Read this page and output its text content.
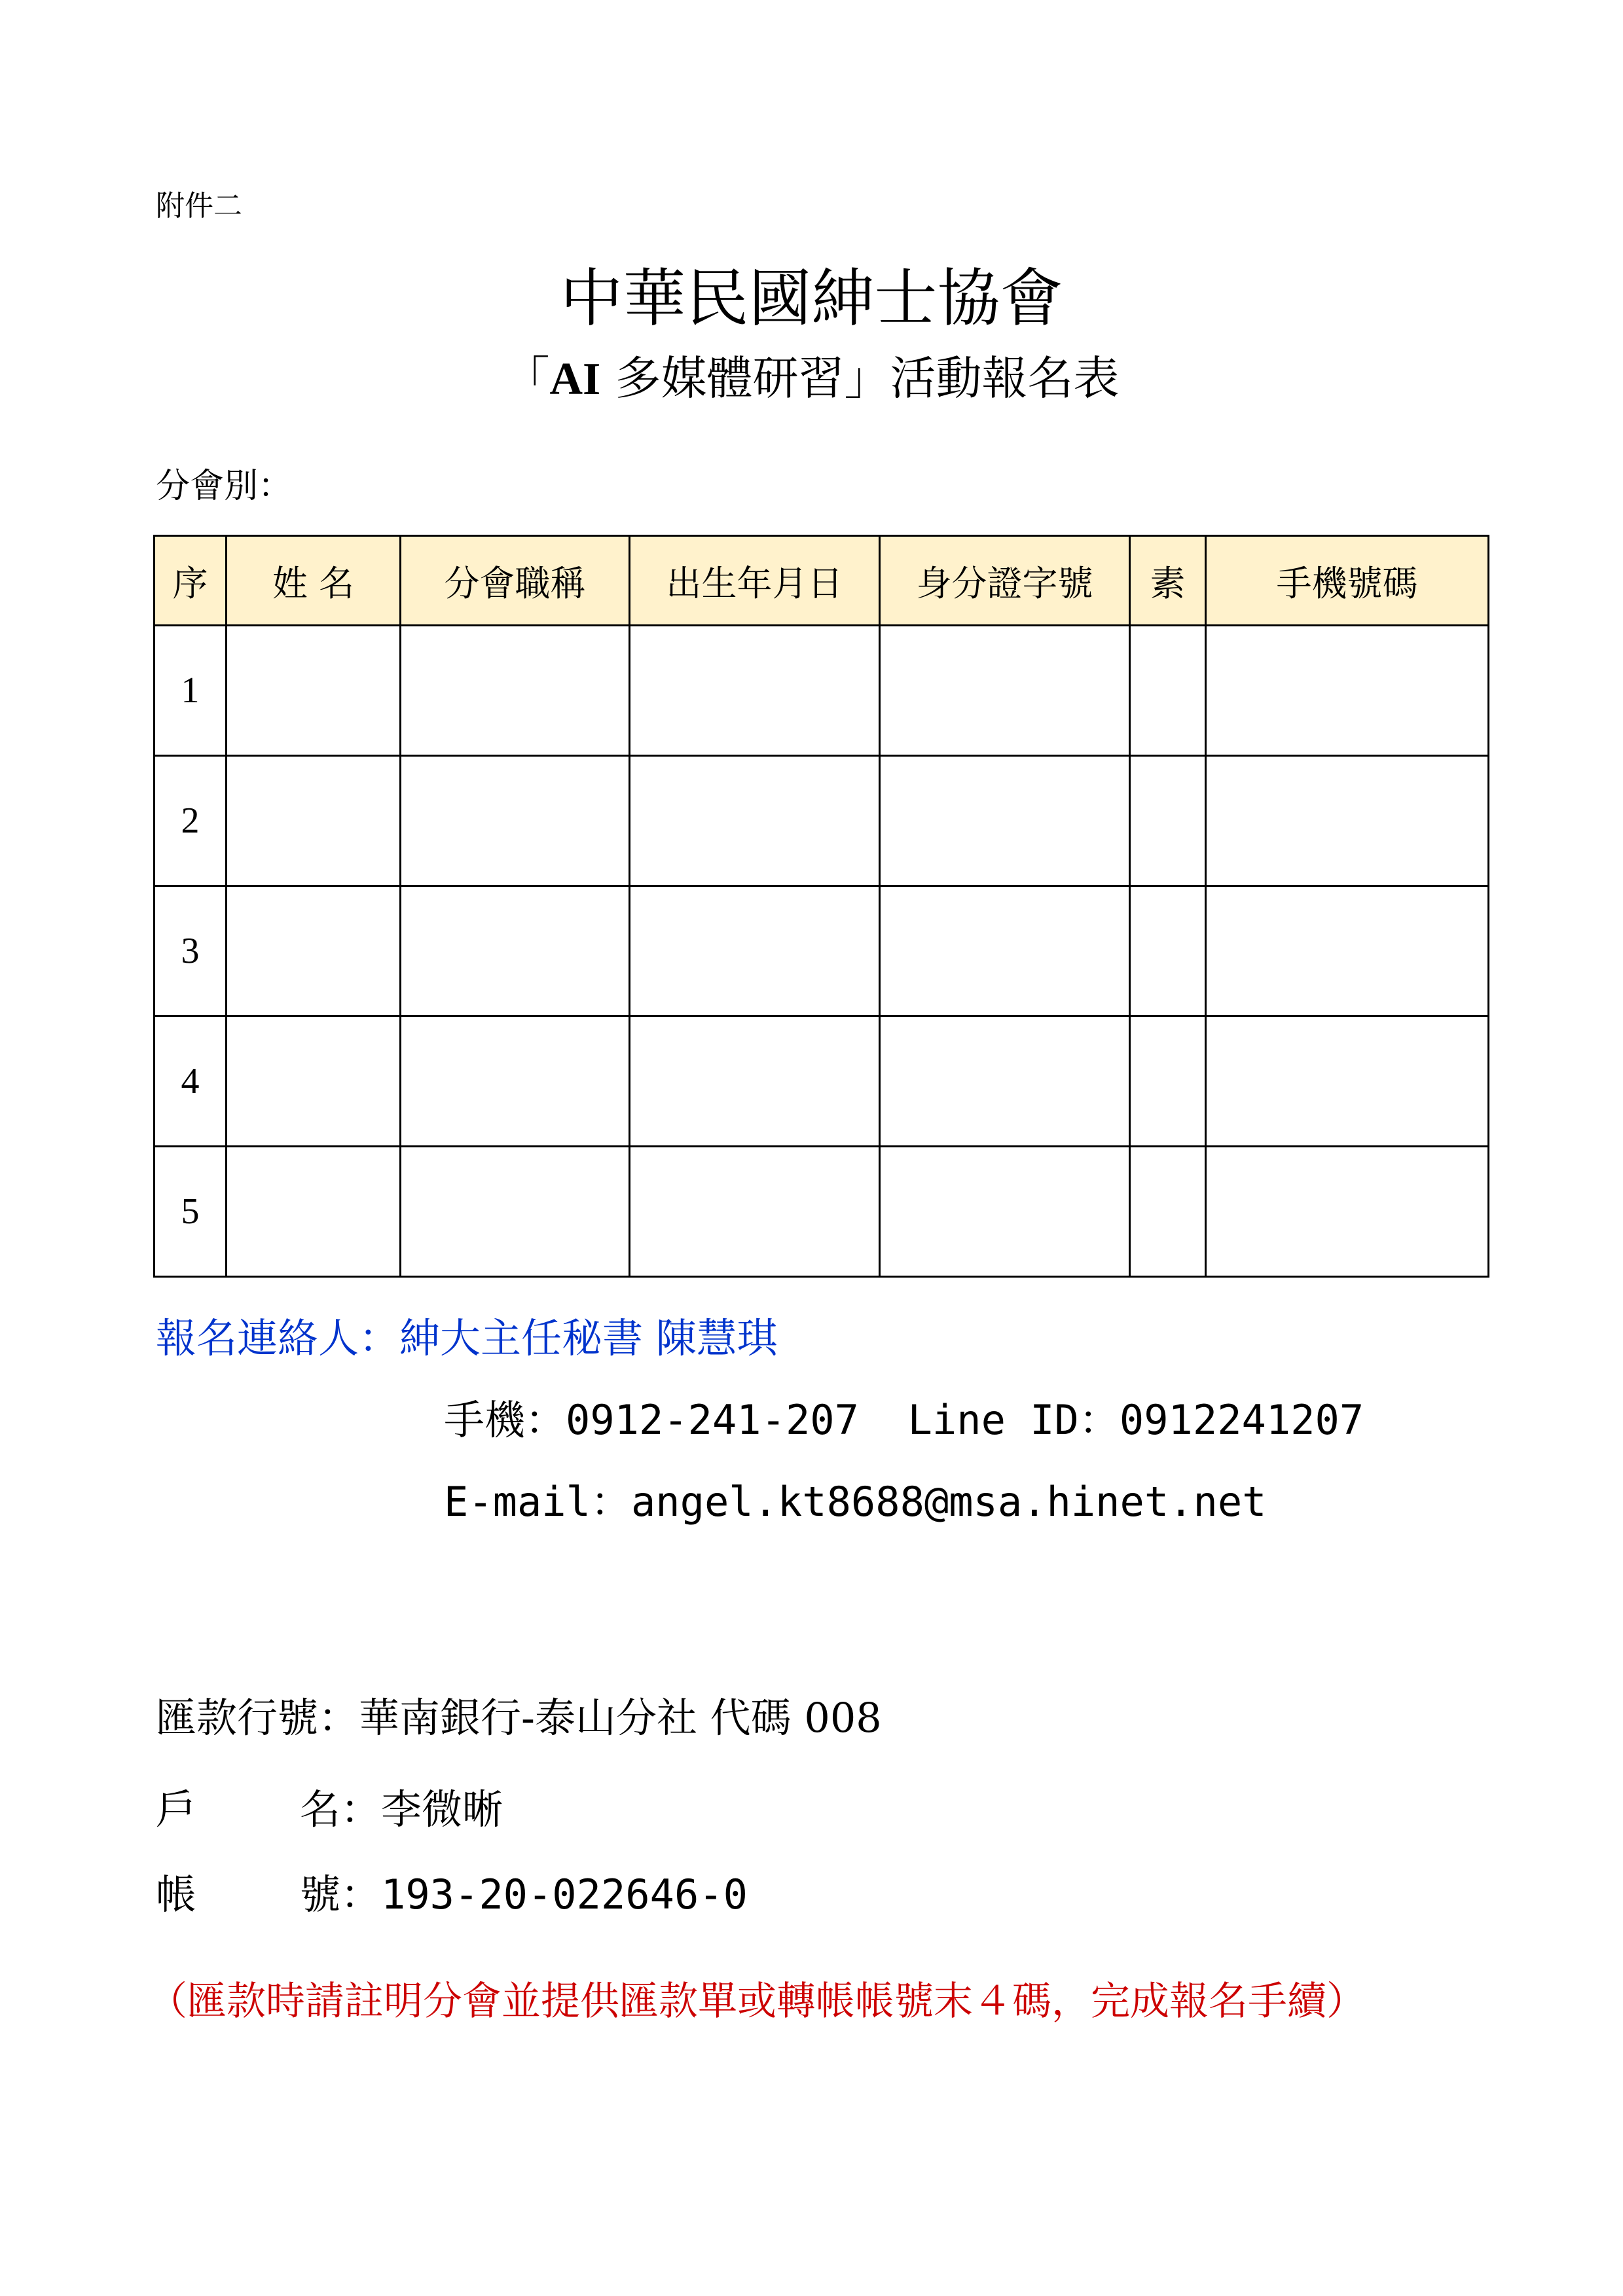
附件二
中華民國紳士協會
「AI 多媒體研習」活動報名表
分會別：
序	姓 名	分會職稱	出生年月日	身分證字號	素	手機號碼
1						
2						
3						
4						
5						
報名連絡人：紳大主任秘書 陳慧琪
手機：0912-241-207  Line ID：0912241207
E-mail：angel.kt8688@msa.hinet.net
匯款行號：華南銀行-泰山分社 代碼 008
戶	名：李微晰
帳	號：193-20-022646-0
（匯款時請註明分會並提供匯款單或轉帳帳號末４碼，完成報名手續）
